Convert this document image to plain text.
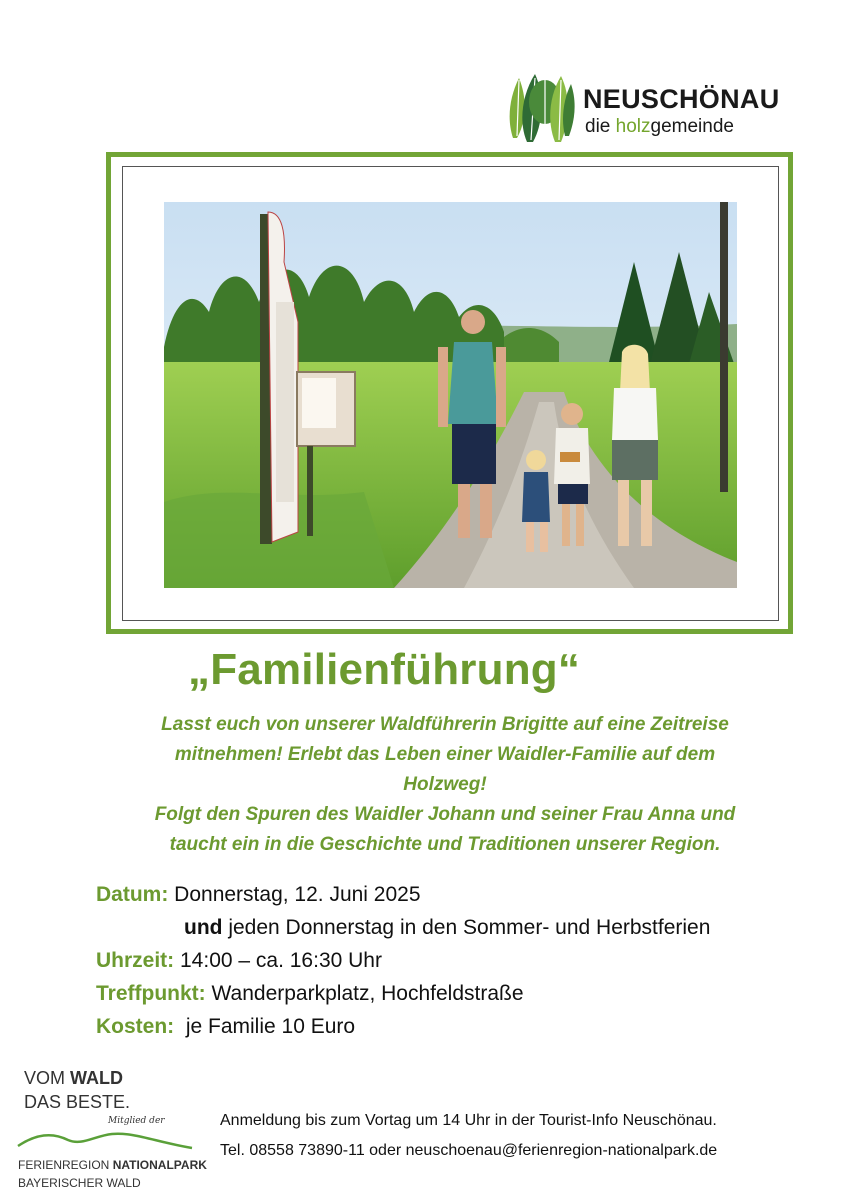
NEUSCHÖNAU
die holzgemeinde
„Familienführung“

Lasst euch von unserer Waldführerin Brigitte auf eine Zeitreise

mitnehmen! Erlebt das Leben einer Waidler-Familie auf dem

Holzweg!

Folgt den Spuren des Waidler Johann und seiner Frau Anna und

taucht ein in die Geschichte und Traditionen unserer Region.

Datum: Donnerstag, 12. Juni 2025
und jeden Donnerstag in den Sommer- und Herbstferien
Uhrzeit: 14:00 – ca. 16:30 Uhr
Treffpunkt: Wanderparkplatz, Hochfeldstraße
Kosten:  je Familie 10 Euro
VOM WALD
DAS BESTE.
Mitglied der
FERIENREGION NATIONALPARK
BAYERISCHER WALD
Anmeldung bis zum Vortag um 14 Uhr in der Tourist-Info Neuschönau.
Tel. 08558 73890-11 oder neuschoenau@ferienregion-nationalpark.de
